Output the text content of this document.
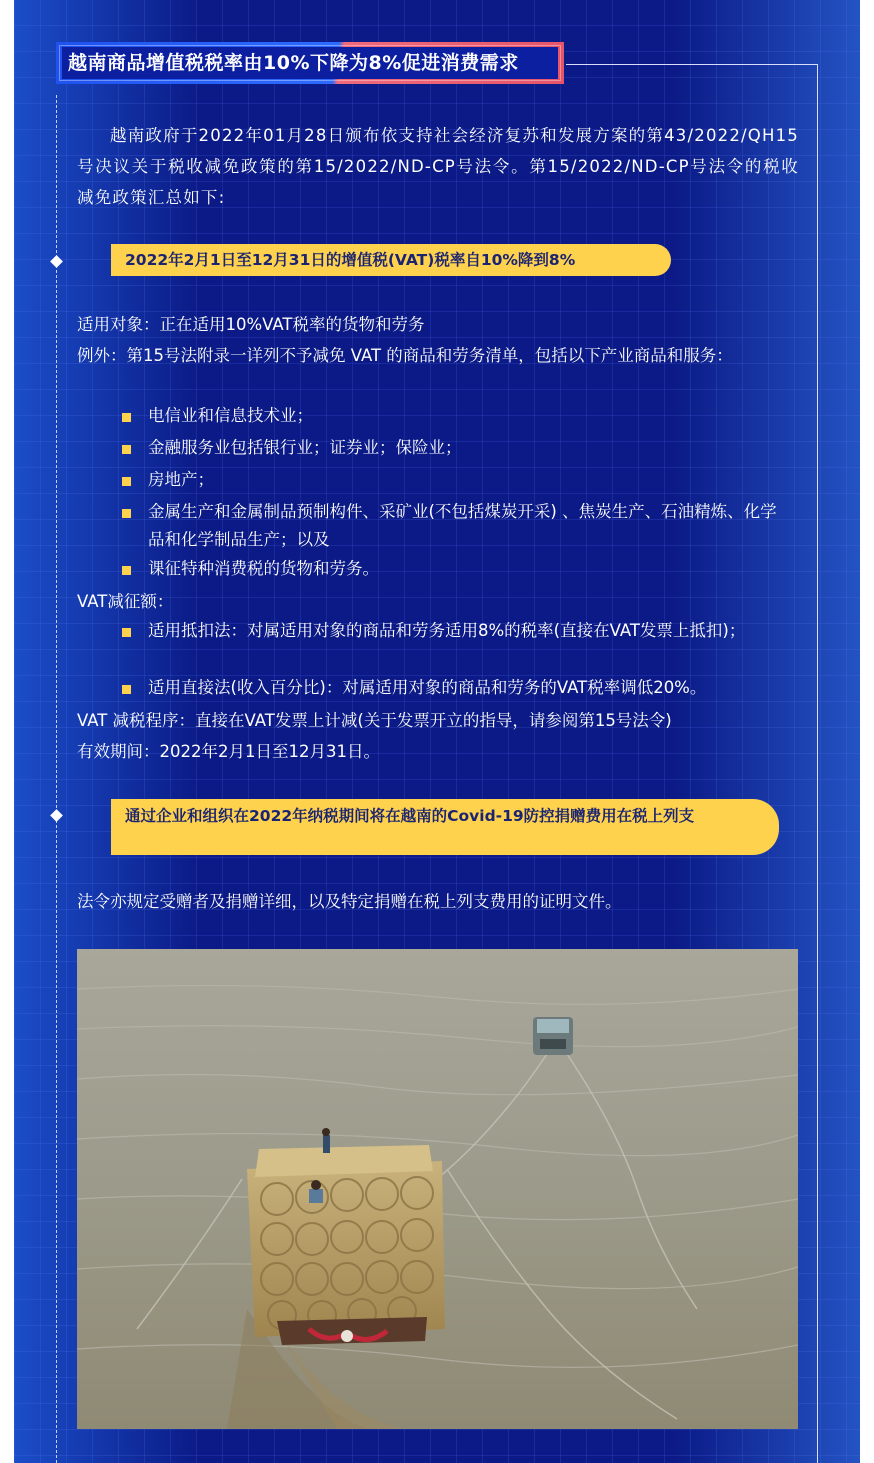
越南商品增值税税率由10%下降为8%促进消费需求
越南政府于2022年01月28日颁布依支持社会经济复苏和发展方案的第43/2022/QH15号决议关于税收减免政策的第15/2022/ND-CP号法令。第15/2022/ND-CP号法令的税收减免政策汇总如下:
2022年2月1日至12月31日的增值税(VAT)税率自10%降到8%
适用对象：正在适用10%VAT税率的货物和劳务
例外：第15号法附录一详列不予减免 VAT 的商品和劳务清单，包括以下产业商品和服务：
电信业和信息技术业；
金融服务业包括银行业；证券业；保险业；
房地产；
金属生产和金属制品预制构件、采矿业(不包括煤炭开采) 、焦炭生产、石油精炼、化学品和化学制品生产；以及
课征特种消费税的货物和劳务。
VAT减征额：
适用抵扣法：对属适用对象的商品和劳务适用8%的税率(直接在VAT发票上抵扣)；
适用直接法(收入百分比)：对属适用对象的商品和劳务的VAT税率调低20%。
VAT 减税程序：直接在VAT发票上计减(关于发票开立的指导，请参阅第15号法令)
有效期间：2022年2月1日至12月31日。
通过企业和组织在2022年纳税期间将在越南的Covid-19防控捐赠费用在税上列支
法令亦规定受赠者及捐赠详细，以及特定捐赠在税上列支费用的证明文件。
